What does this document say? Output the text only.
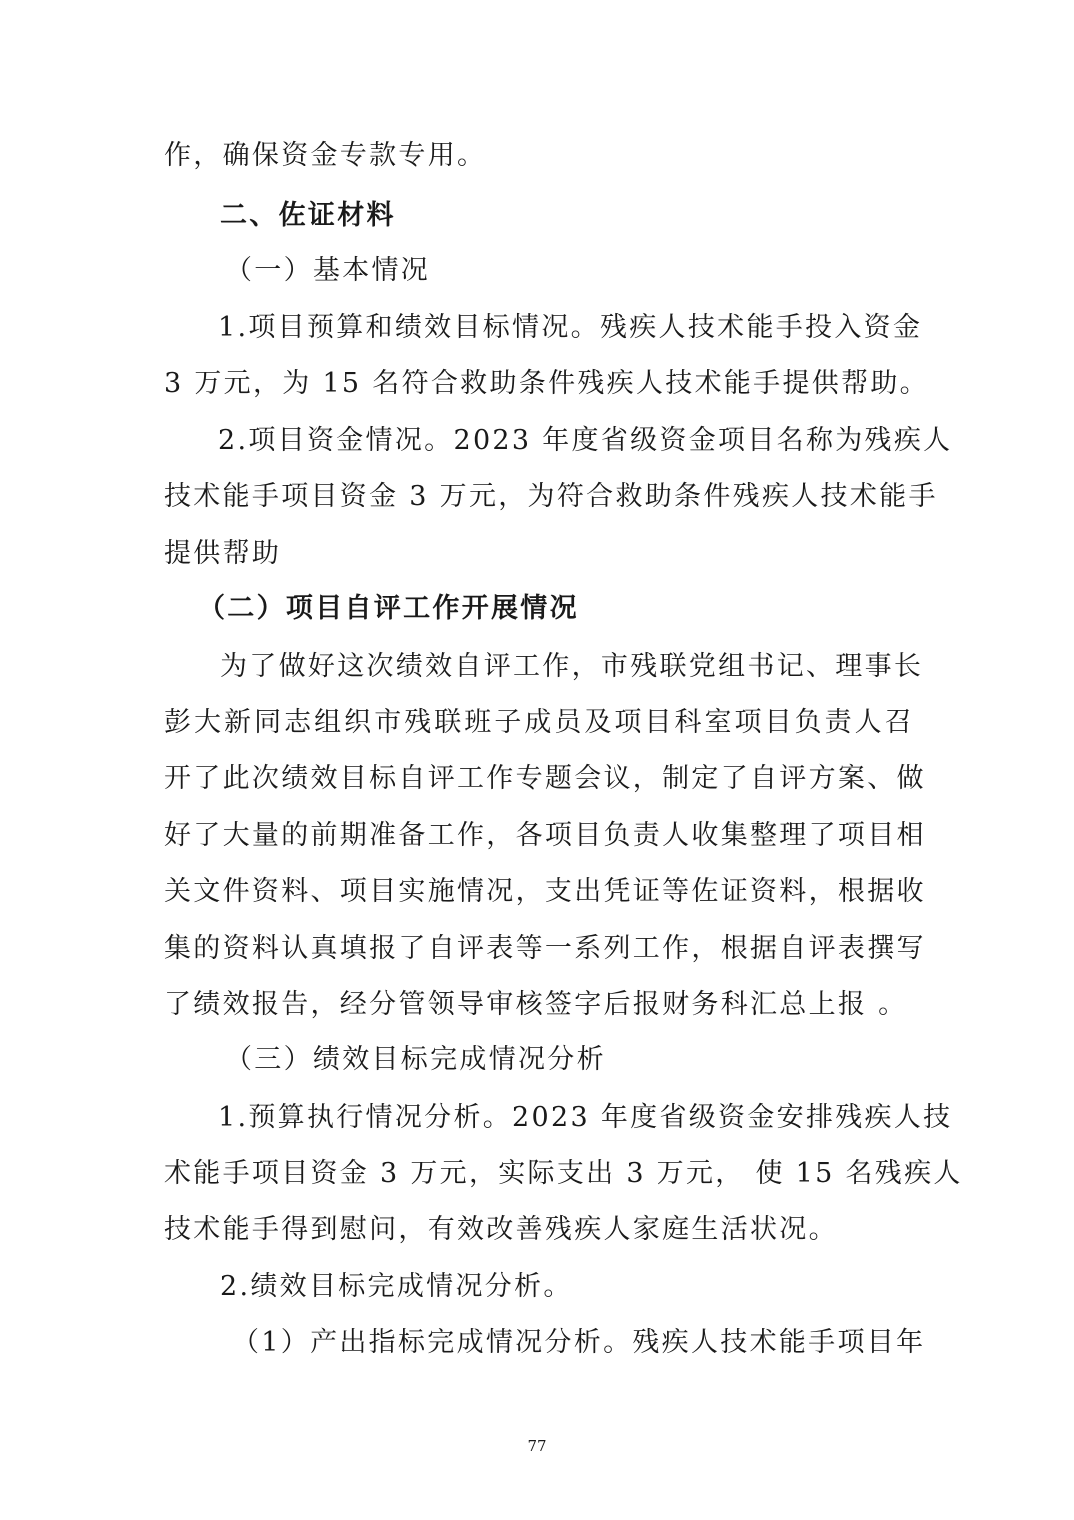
作，确保资金专款专用。
二、佐证材料
（一）基本情况
1.项目预算和绩效目标情况。残疾人技术能手投入资金
3 万元，为 15 名符合救助条件残疾人技术能手提供帮助。
2.项目资金情况。2023 年度省级资金项目名称为残疾人
技术能手项目资金 3 万元，为符合救助条件残疾人技术能手
提供帮助
（二）项目自评工作开展情况
为了做好这次绩效自评工作，市残联党组书记、理事长
彭大新同志组织市残联班子成员及项目科室项目负责人召
开了此次绩效目标自评工作专题会议，制定了自评方案、做
好了大量的前期准备工作，各项目负责人收集整理了项目相
关文件资料、项目实施情况，支出凭证等佐证资料，根据收
集的资料认真填报了自评表等一系列工作，根据自评表撰写
了绩效报告，经分管领导审核签字后报财务科汇总上报 。
（三）绩效目标完成情况分析
1.预算执行情况分析。2023 年度省级资金安排残疾人技
术能手项目资金 3 万元，实际支出 3 万元， 使 15 名残疾人
技术能手得到慰问，有效改善残疾人家庭生活状况。
2.绩效目标完成情况分析。
（1）产出指标完成情况分析。残疾人技术能手项目年
77
